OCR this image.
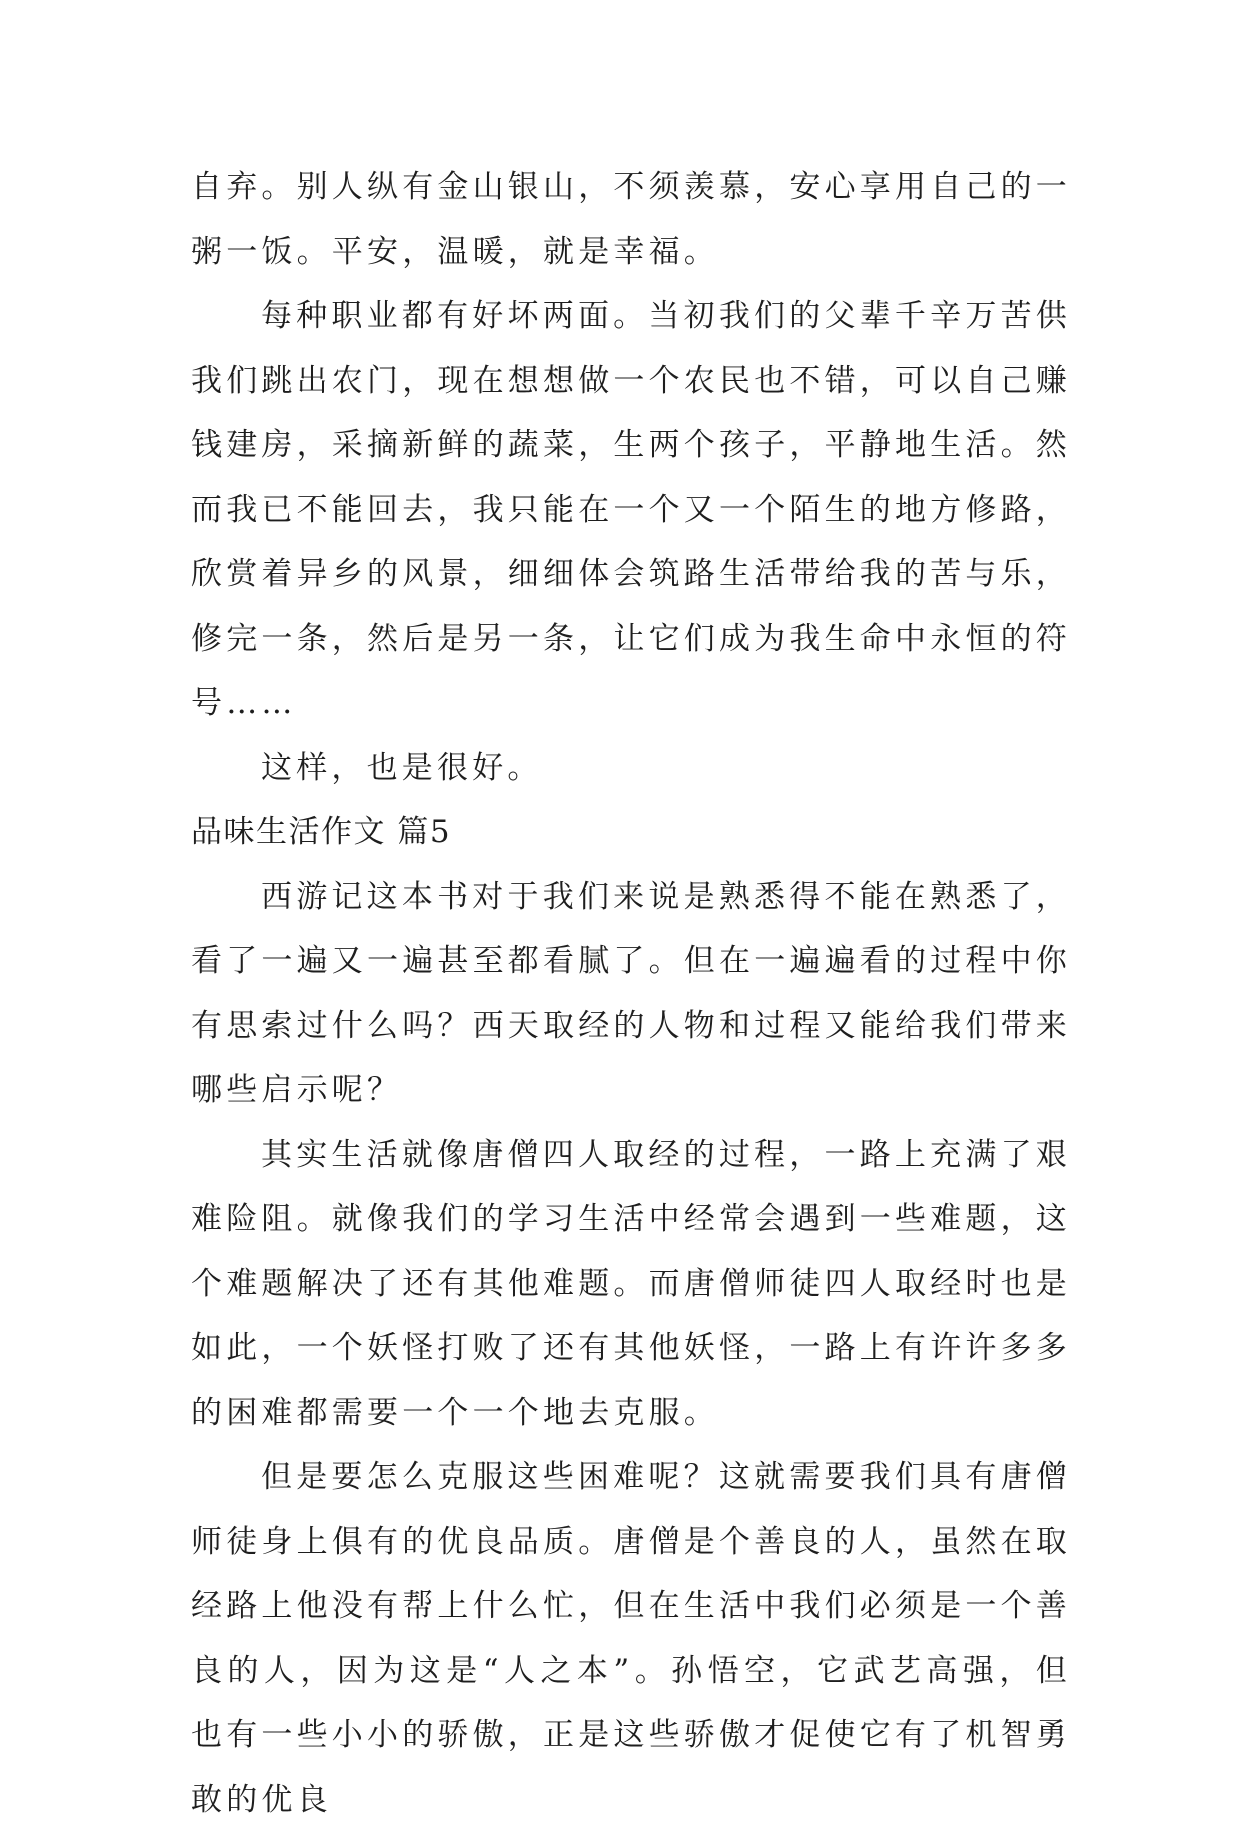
自弃。别人纵有金山银山，不须羡慕，安心享用自己的一粥一饭。平安，温暖，就是幸福。

每种职业都有好坏两面。当初我们的父辈千辛万苦供我们跳出农门，现在想想做一个农民也不错，可以自己赚钱建房，采摘新鲜的蔬菜，生两个孩子，平静地生活。然而我已不能回去，我只能在一个又一个陌生的地方修路，欣赏着异乡的风景，细细体会筑路生活带给我的苦与乐，修完一条，然后是另一条，让它们成为我生命中永恒的符号……

这样，也是很好。

品味生活作文 篇5

西游记这本书对于我们来说是熟悉得不能在熟悉了，看了一遍又一遍甚至都看腻了。但在一遍遍看的过程中你有思索过什么吗？西天取经的人物和过程又能给我们带来哪些启示呢？

其实生活就像唐僧四人取经的过程，一路上充满了艰难险阻。就像我们的学习生活中经常会遇到一些难题，这个难题解决了还有其他难题。而唐僧师徒四人取经时也是如此，一个妖怪打败了还有其他妖怪，一路上有许许多多的困难都需要一个一个地去克服。

但是要怎么克服这些困难呢？这就需要我们具有唐僧师徒身上俱有的优良品质。唐僧是个善良的人，虽然在取经路上他没有帮上什么忙，但在生活中我们必须是一个善良的人，因为这是“人之本”。孙悟空，它武艺高强，但也有一些小小的骄傲，正是这些骄傲才促使它有了机智勇敢的优良
